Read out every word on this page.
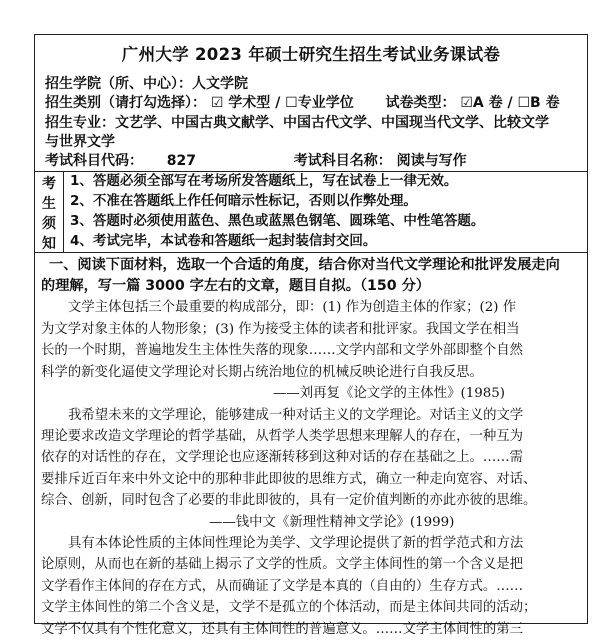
广州大学 2023 年硕士研究生招生考试业务课试卷
招生学院（所、中心）：人文学院
招生类别（请打勾选择）： ☑ 学术型 / ☐专业学位 试卷类型： ☑A 卷 / ☐B 卷
招生专业：文艺学、中国古典文献学、中国古代文学、中国现当代文学、比较文学
与世界文学
考试科目代码： 827	考试科目名称： 阅读与写作
考
生
须
知
1、答题必须全部写在考场所发答题纸上，写在试卷上一律无效。
2、不准在答题纸上作任何暗示性标记，否则以作弊处理。
3、答题时必须使用蓝色、黑色或蓝黑色钢笔、圆珠笔、中性笔答题。
4、考试完毕，本试卷和答题纸一起封装信封交回。
一、阅读下面材料，选取一个合适的角度，结合你对当代文学理论和批评发展走向
的理解，写一篇 3000 字左右的文章，题目自拟。（150 分）
文学主体包括三个最重要的构成部分，即：(1) 作为创造主体的作家；(2) 作
为文学对象主体的人物形象；(3) 作为接受主体的读者和批评家。我国文学在相当
长的一个时期，普遍地发生主体性失落的现象……文学内部和文学外部即整个自然
科学的新变化逼使文学理论对长期占统治地位的机械反映论进行自我反思。
——刘再复《论文学的主体性》(1985)
我希望未来的文学理论，能够建成一种对话主义的文学理论。对话主义的文学
理论要求改造文学理论的哲学基础，从哲学人类学思想来理解人的存在，一种互为
依存的对话性的存在，文学理论也应逐渐转移到这种对话的存在基础之上。……需
要排斥近百年来中外文论中的那种非此即彼的思维方式，确立一种走向宽容、对话、
综合、创新，同时包含了必要的非此即彼的，具有一定价值判断的亦此亦彼的思维。
——钱中文《新理性精神文学论》(1999)
具有本体论性质的主体间性理论为美学、文学理论提供了新的哲学范式和方法
论原则，从而也在新的基础上揭示了文学的性质。文学主体间性的第一个含义是把
文学看作主体间的存在方式，从而确证了文学是本真的（自由的）生存方式。……
文学主体间性的第二个含义是，文学不是孤立的个体活动，而是主体间共同的活动；
文学不仅具有个性化意义，还具有主体间性的普遍意义。……文学主体间性的第三
